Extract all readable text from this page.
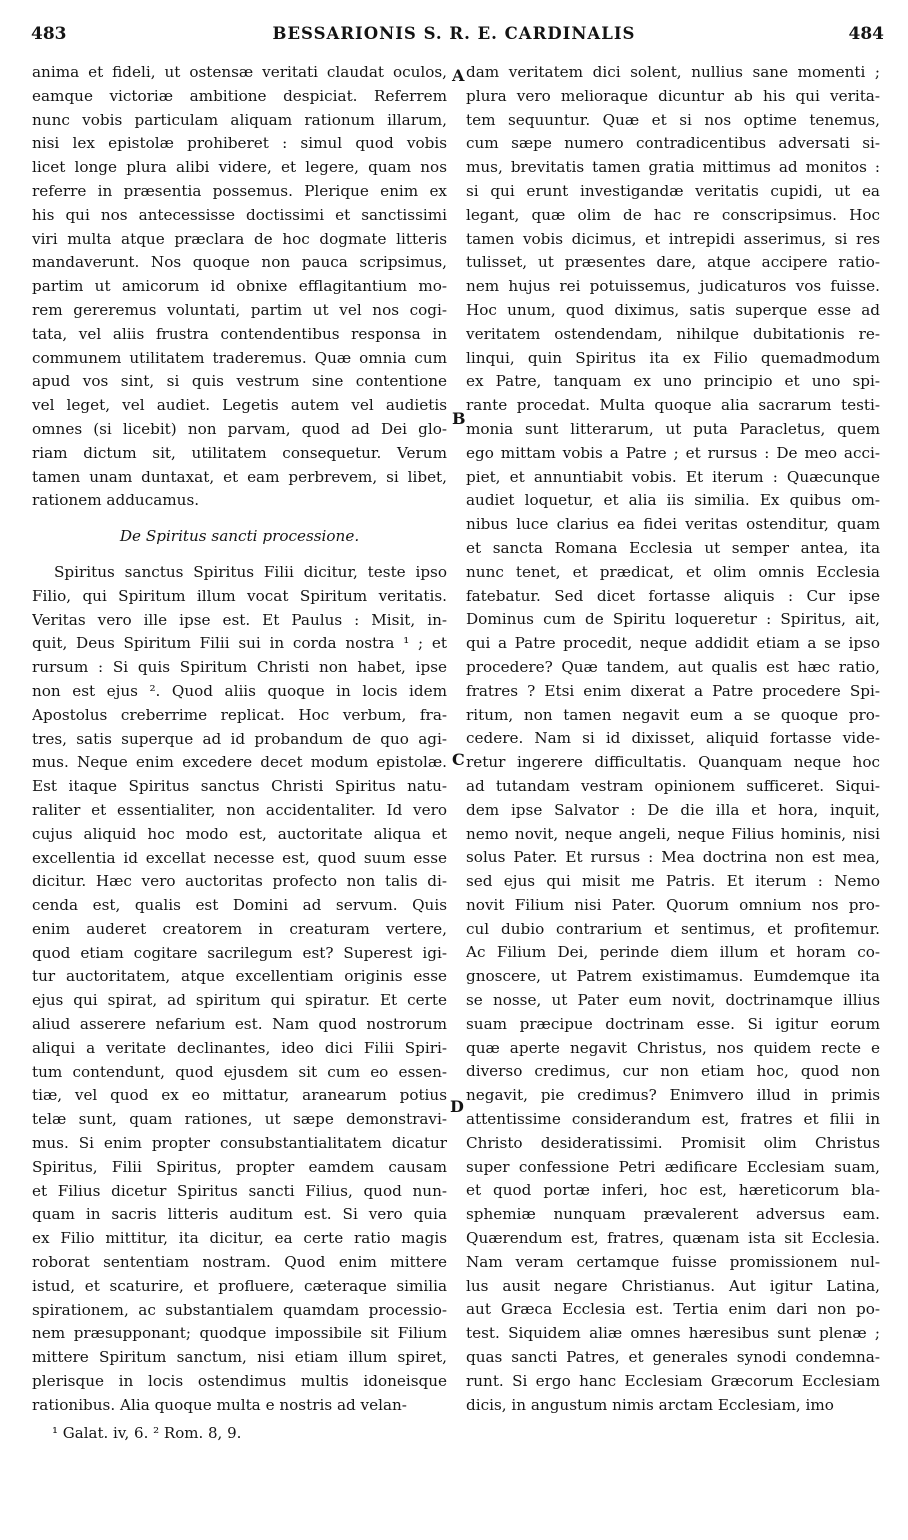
483	BESSARIONIS S. R. E. CARDINALIS	484
anima et fideli, ut ostensæ veritati claudat oculos,
eamque victoriæ ambitione despiciat. Referrem
nunc vobis particulam aliquam rationum illarum,
nisi lex epistolæ prohiberet : simul quod vobis
licet longe plura alibi videre, et legere, quam nos
referre in præsentia possemus. Plerique enim ex
his qui nos antecessisse doctissimi et sanctissimi
viri multa atque præclara de hoc dogmate litteris
mandaverunt. Nos quoque non pauca scripsimus,
partim ut amicorum id obnixe efflagitantium mo-
rem gereremus voluntati, partim ut vel nos cogi-
tata, vel aliis frustra contendentibus responsa in
communem utilitatem traderemus. Quæ omnia cum
apud vos sint, si quis vestrum sine contentione
vel leget, vel audiet. Legetis autem vel audietis
omnes (si licebit) non parvam, quod ad Dei glo-
riam dictum sit, utilitatem consequetur. Verum
tamen unam duntaxat, et eam perbrevem, si libet,
rationem adducamus.
De Spiritus sancti processione.
Spiritus sanctus Spiritus Filii dicitur, teste ipso
Filio, qui Spiritum illum vocat Spiritum veritatis.
Veritas vero ille ipse est. Et Paulus : Misit, in-
quit, Deus Spiritum Filii sui in corda nostra ¹ ; et
rursum : Si quis Spiritum Christi non habet, ipse
non est ejus ². Quod aliis quoque in locis idem
Apostolus creberrime replicat. Hoc verbum, fra-
tres, satis superque ad id probandum de quo agi-
mus. Neque enim excedere decet modum epistolæ.
Est itaque Spiritus sanctus Christi Spiritus natu-
raliter et essentialiter, non accidentaliter. Id vero
cujus aliquid hoc modo est, auctoritate aliqua et
excellentia id excellat necesse est, quod suum esse
dicitur. Hæc vero auctoritas profecto non talis di-
cenda est, qualis est Domini ad servum. Quis
enim auderet creatorem in creaturam vertere,
quod etiam cogitare sacrilegum est? Superest igi-
tur auctoritatem, atque excellentiam originis esse
ejus qui spirat, ad spiritum qui spiratur. Et certe
aliud asserere nefarium est. Nam quod nostrorum
aliqui a veritate declinantes, ideo dici Filii Spiri-
tum contendunt, quod ejusdem sit cum eo essen-
tiæ, vel quod ex eo mittatur, aranearum potius
telæ sunt, quam rationes, ut sæpe demonstravi-
mus. Si enim propter consubstantialitatem dicatur
Spiritus, Filii Spiritus, propter eamdem causam
et Filius dicetur Spiritus sancti Filius, quod nun-
quam in sacris litteris auditum est. Si vero quia
ex Filio mittitur, ita dicitur, ea certe ratio magis
roborat sententiam nostram. Quod enim mittere
istud, et scaturire, et profluere, cæteraque similia
spirationem, ac substantialem quamdam processio-
nem præsupponant; quodque impossibile sit Filium
mittere Spiritum sanctum, nisi etiam illum spiret,
plerisque in locis ostendimus multis idoneisque
rationibus. Alia quoque multa e nostris ad velan-
dam veritatem dici solent, nullius sane momenti ;
plura vero melioraque dicuntur ab his qui verita-
tem sequuntur. Quæ et si nos optime tenemus,
cum sæpe numero contradicentibus adversati si-
mus, brevitatis tamen gratia mittimus ad monitos :
si qui erunt investigandæ veritatis cupidi, ut ea
legant, quæ olim de hac re conscripsimus. Hoc
tamen vobis dicimus, et intrepidi asserimus, si res
tulisset, ut præsentes dare, atque accipere ratio-
nem hujus rei potuissemus, judicaturos vos fuisse.
Hoc unum, quod diximus, satis superque esse ad
veritatem ostendendam, nihilque dubitationis re-
linqui, quin Spiritus ita ex Filio quemadmodum
ex Patre, tanquam ex uno principio et uno spi-
rante procedat. Multa quoque alia sacrarum testi-
monia sunt litterarum, ut puta Paracletus, quem
ego mittam vobis a Patre ; et rursus : De meo acci-
piet, et annuntiabit vobis. Et iterum : Quæcunque
audiet loquetur, et alia iis similia. Ex quibus om-
nibus luce clarius ea fidei veritas ostenditur, quam
et sancta Romana Ecclesia ut semper antea, ita
nunc tenet, et prædicat, et olim omnis Ecclesia
fatebatur. Sed dicet fortasse aliquis : Cur ipse
Dominus cum de Spiritu loqueretur : Spiritus, ait,
qui a Patre procedit, neque addidit etiam a se ipso
procedere? Quæ tandem, aut qualis est hæc ratio,
fratres ? Etsi enim dixerat a Patre procedere Spi-
ritum, non tamen negavit eum a se quoque pro-
cedere. Nam si id dixisset, aliquid fortasse vide-
retur ingerere difficultatis. Quanquam neque hoc
ad tutandam vestram opinionem sufficeret. Siqui-
dem ipse Salvator : De die illa et hora, inquit,
nemo novit, neque angeli, neque Filius hominis, nisi
solus Pater. Et rursus : Mea doctrina non est mea,
sed ejus qui misit me Patris. Et iterum : Nemo
novit Filium nisi Pater. Quorum omnium nos pro-
cul dubio contrarium et sentimus, et profitemur.
Ac Filium Dei, perinde diem illum et horam co-
gnoscere, ut Patrem existimamus. Eumdemque ita
se nosse, ut Pater eum novit, doctrinamque illius
suam præcipue doctrinam esse. Si igitur eorum
quæ aperte negavit Christus, nos quidem recte e
diverso credimus, cur non etiam hoc, quod non
negavit, pie credimus? Enimvero illud in primis
attentissime considerandum est, fratres et filii in
Christo desideratissimi. Promisit olim Christus
super confessione Petri ædificare Ecclesiam suam,
et quod portæ inferi, hoc est, hæreticorum bla-
sphemiæ nunquam prævalerent adversus eam.
Quærendum est, fratres, quænam ista sit Ecclesia.
Nam veram certamque fuisse promissionem nul-
lus ausit negare Christianus. Aut igitur Latina,
aut Græca Ecclesia est. Tertia enim dari non po-
test. Siquidem aliæ omnes hæresibus sunt plenæ ;
quas sancti Patres, et generales synodi condemna-
runt. Si ergo hanc Ecclesiam Græcorum Ecclesiam
dicis, in angustum nimis arctam Ecclesiam, imo
A
B
C
D
¹ Galat. iv, 6. ² Rom. 8, 9.
